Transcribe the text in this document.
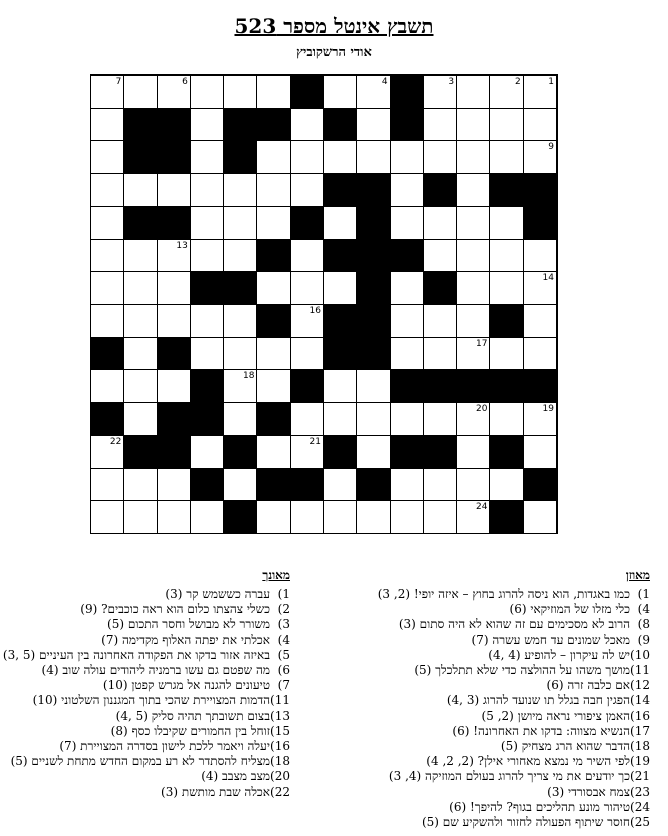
תשבץ אינטל מספר 523
אודי הרשקוביץ
1
2
3
4
5
6
7
8
9
10
11
12
13
14
15
16
17
18
19
20
21
22
23
24
25
מאוזן
1)כמו באגדות, הוא ניסה להרוג בחוץ – איזה יופי! (2, 3)
4)כלי מזלו של המוזיקאי (6)
8)הרוב לא מסכימים עם זה שהוא לא היה סתום (3)
9)מאכל שמונים עד חמש עשרה (7)
10)יש לה עיקרון – להופיע (4 ,4)
11)מושך משהו על ההולצה כדי שלא תתלכלך (5)
12)אם כלבה זרה (6)
14)הפגין חבה בגלל תו שנועד להרוג (3 ,4)
16)האמן ציפורי נראה מיושן (2, 5)
17)הנשיא מצווה: בדקו את האחרונה! (6)
18)הדבר שהוא הרג מצחיק (5)
19)לפי השיר מי נמצא מאחורי אילן? (2, 2, 4)
21)כך יודעים את מי צריך להרוג בעולם המוזיקה (4, 3)
23)צמח אבסורדי (3)
24)טיהור מונע תהליכים בגוף? להיפך! (6)
25)חוסר שיתוף הפעולה לחזור ולהשקיע שם (5)
מאונך
1)עברה כששמש קר (3)
2)כשלי צהצתו כלום הוא ראה כוכבים? (9)
3)משורר לא מבושל וחסר התכום (5)
4)אכלתי את יפתה האלוף מקדימה (7)
5)באיזה אזור בדקו את הפקודה האחרונה בין העיניים (5 ,3)
6)מה שפטם גם עשו ברמניה ליהודים עולה שוב (4)
7)טיעונים להגנה אל מגרש קפטן (10)
11)הדמות המצויירת שהכי בתוך המגננון השלטוני (10)
13)בצום תשובתך תהיה סליק (5 ,4)
15)זוחל בין החמורים שקיבלו כסף (8)
16)יעלה ויאמר ללכת לישון בסדרה המצויירת (7)
18)מצליח להסתדר לא רע במקום החדש מתחת לשניים (5)
20)מצב מצבב (4)
22)אכלה שבת מותשת (3)
